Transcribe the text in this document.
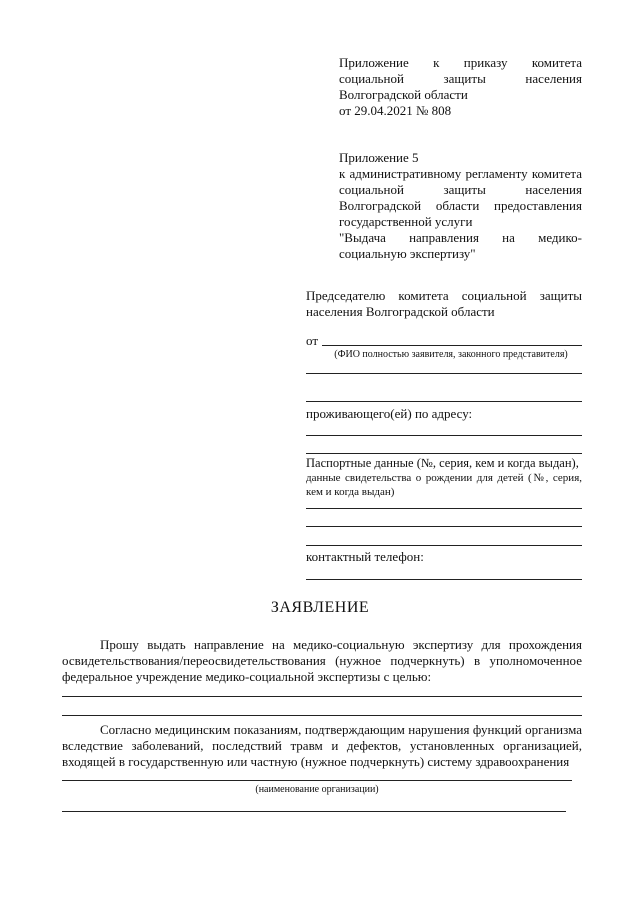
Приложение к приказу комитета
социальной защиты населения
Волгоградской области
от 29.04.2021 № 808
Приложение 5
к административному регламенту комитета
социальной защиты населения
Волгоградской области предоставления
государственной услуги
"Выдача направления на медико-
социальную экспертизу"
Председателю комитета социальной защиты
населения Волгоградской области
от
(ФИО полностью заявителя, законного представителя)
проживающего(ей) по адресу:
Паспортные данные (№, серия, кем и когда выдан),
данные свидетельства о рождении для детей (№, серия,
кем и когда выдан)
контактный телефон:
ЗАЯВЛЕНИЕ
Прошу выдать направление на медико-социальную экспертизу для прохождения
освидетельствования/переосвидетельствования (нужное подчеркнуть) в уполномоченное
федеральное учреждение медико-социальной экспертизы с целью:
Согласно медицинским показаниям, подтверждающим нарушения функций организма
вследствие заболеваний, последствий травм и дефектов, установленных организацией,
входящей в государственную или частную (нужное подчеркнуть) систему здравоохранения
(наименование организации)
